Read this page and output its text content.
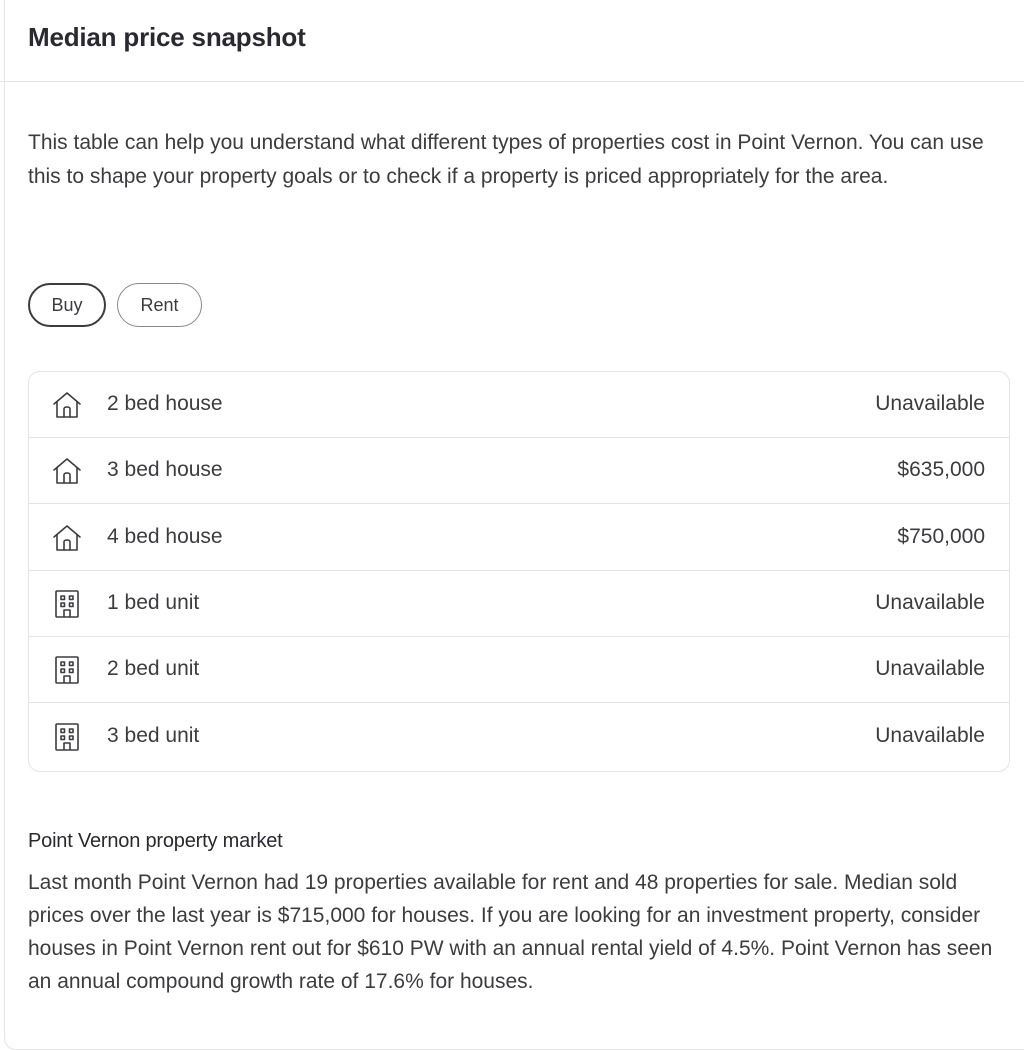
Median price snapshot

This table can help you understand what different types of properties cost in Point Vernon. You can use this to shape your property goals or to check if a property is priced appropriately for the area.

Buy	Rent
2 bed house	Unavailable
3 bed house	$635,000
4 bed house	$750,000
1 bed unit	Unavailable
2 bed unit	Unavailable
3 bed unit	Unavailable
Point Vernon property market

Last month Point Vernon had 19 properties available for rent and 48 properties for sale. Median sold prices over the last year is $715,000 for houses. If you are looking for an investment property, consider houses in Point Vernon rent out for $610 PW with an annual rental yield of 4.5%. Point Vernon has seen an annual compound growth rate of 17.6% for houses.
